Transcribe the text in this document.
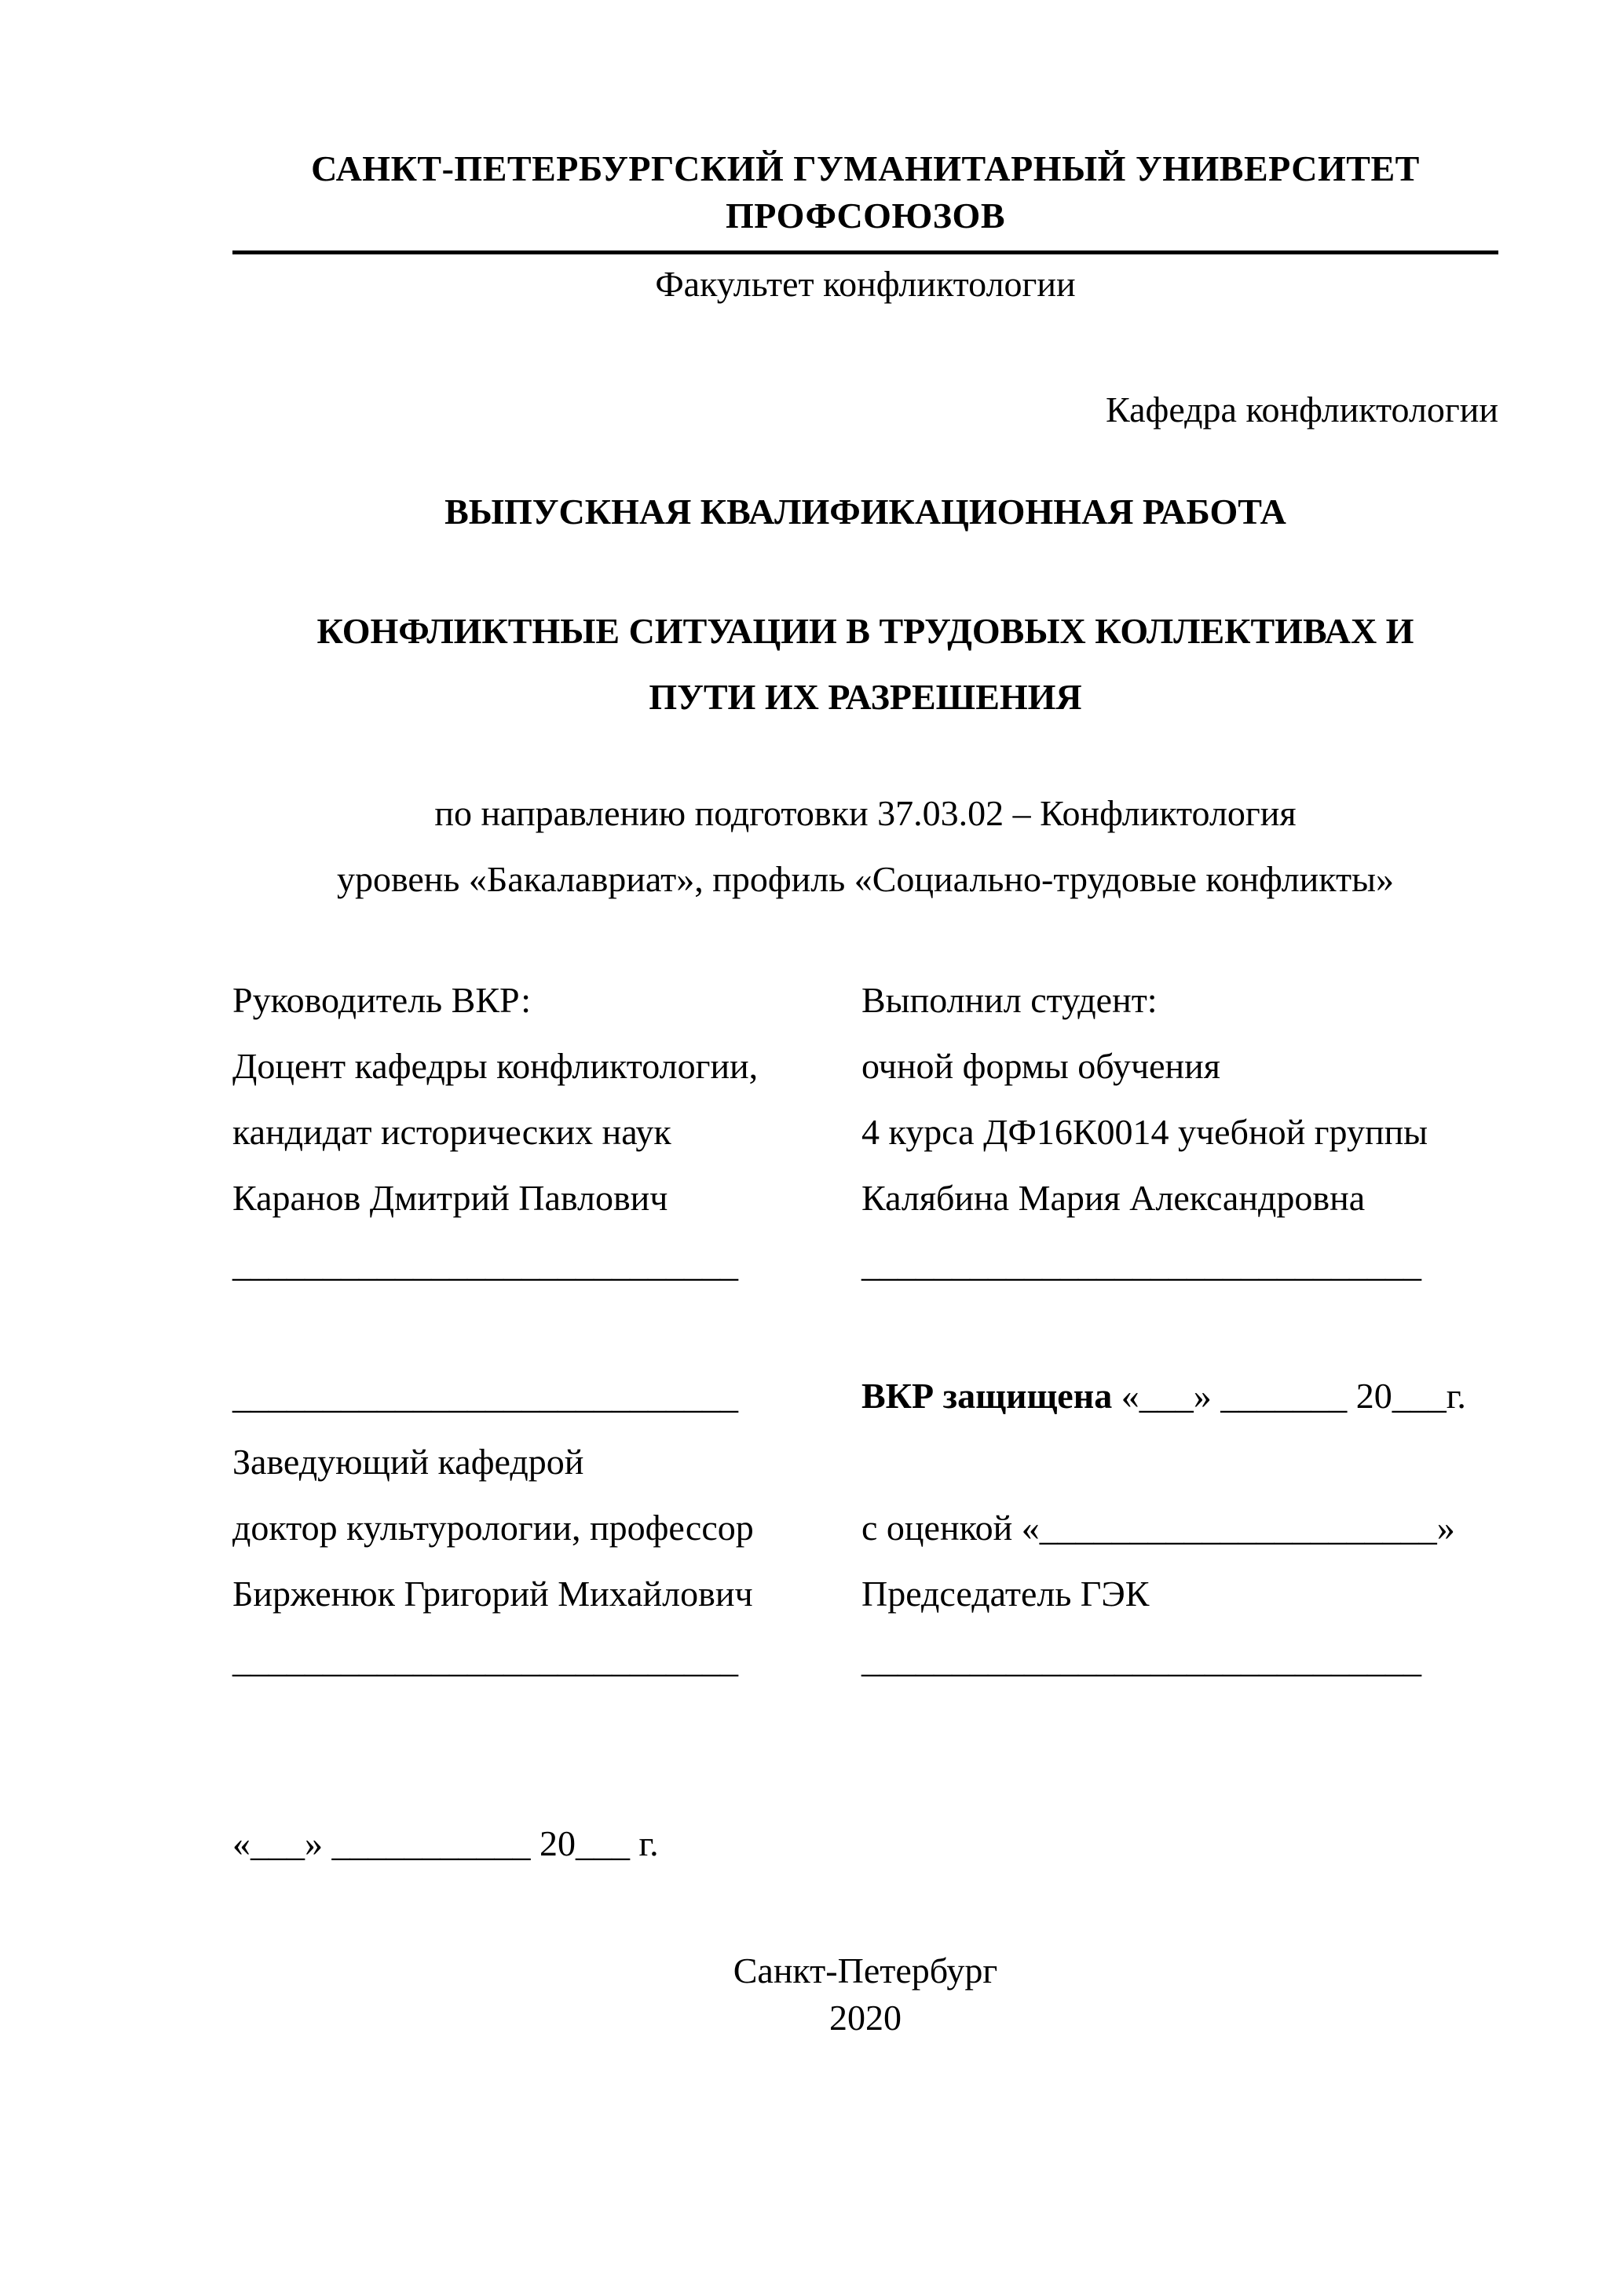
САНКТ-ПЕТЕРБУРГСКИЙ ГУМАНИТАРНЫЙ УНИВЕРСИТЕТ ПРОФСОЮЗОВ
Факультет конфликтологии
Кафедра конфликтологии
ВЫПУСКНАЯ КВАЛИФИКАЦИОННАЯ РАБОТА
КОНФЛИКТНЫЕ СИТУАЦИИ В ТРУДОВЫХ КОЛЛЕКТИВАХ И
ПУТИ ИХ РАЗРЕШЕНИЯ
по направлению подготовки 37.03.02 – Конфликтология
уровень «Бакалавриат», профиль «Социально-трудовые конфликты»
Руководитель ВКР:
Доцент кафедры конфликтологии,
кандидат исторических наук
Каранов Дмитрий Павлович
____________________________
____________________________
Заведующий кафедрой
доктор культурологии, профессор
Бирженюк Григорий Михайлович
____________________________
Выполнил студент:
очной формы обучения
4 курса ДФ16К0014 учебной группы
Калябина Мария Александровна
_______________________________
ВКР защищена «___» _______ 20___г.
с оценкой «______________________»
Председатель ГЭК
_______________________________
«___» ___________ 20___ г.
Санкт-Петербург
2020
